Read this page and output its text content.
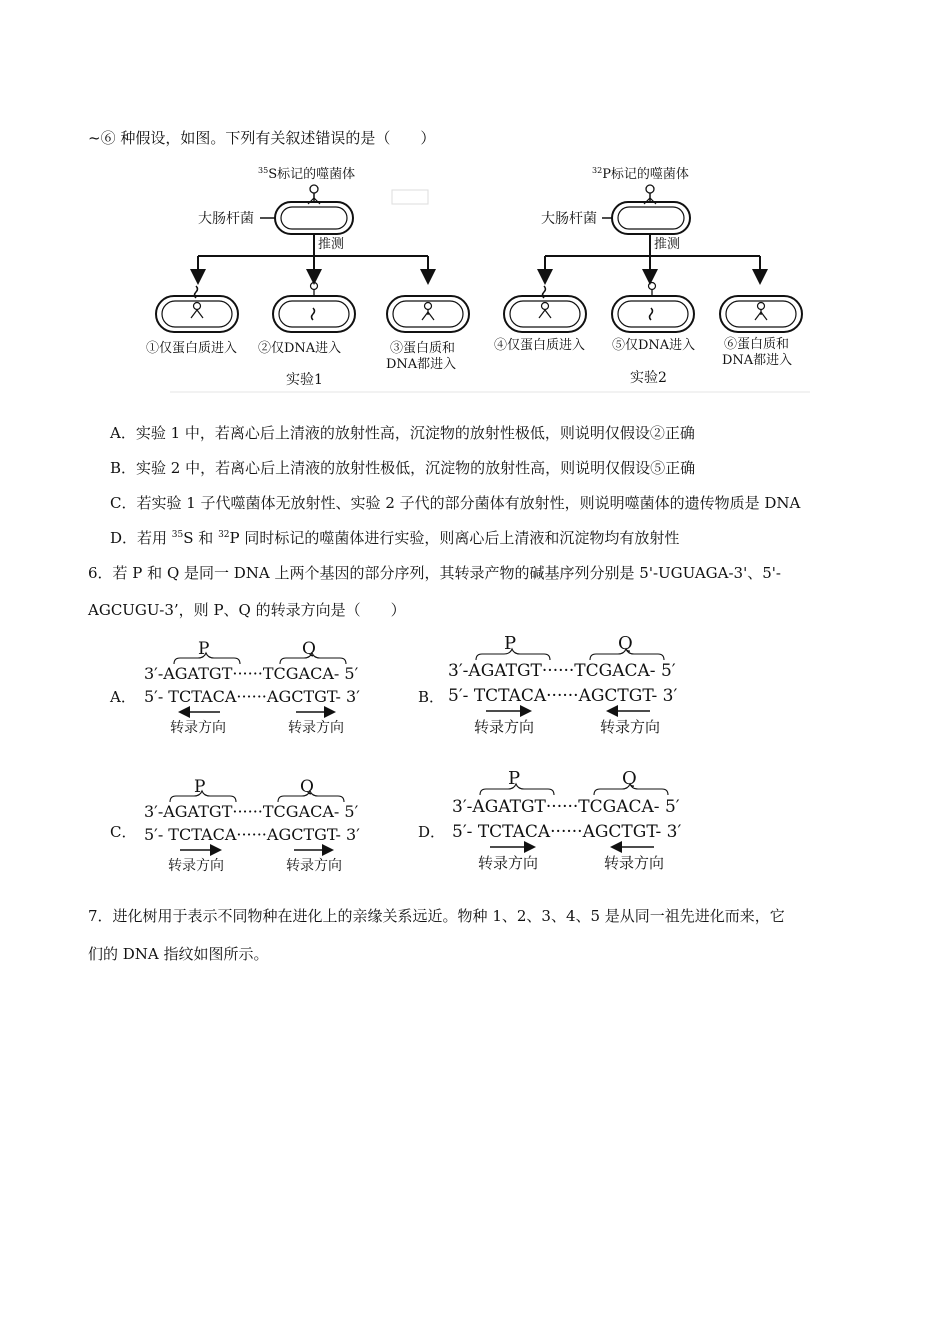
~⑥ 种假设，如图。下列有关叙述错误的是（　　）
$^{35}$S标记的噬菌体
大肠杆菌
推测
①仅蛋白质进入 ②仅DNA进入	③蛋白质和
DNA都进入
实验1
$^{32}$P标记的噬菌体
大肠杆菌
推测
④仅蛋白质进入 ⑤仅DNA进入 ⑥蛋白质和
DNA都进入
实验2
A．实验 1 中，若离心后上清液的放射性高，沉淀物的放射性极低，则说明仅假设②正确
B．实验 2 中，若离心后上清液的放射性极低，沉淀物的放射性高，则说明仅假设⑤正确
C．若实验 1 子代噬菌体无放射性、实验 2 子代的部分菌体有放射性，则说明噬菌体的遗传物质是 DNA
D．若用 $^{35}$S 和 $^{32}$P 同时标记的噬菌体进行实验，则离心后上清液和沉淀物均有放射性
6．若 P 和 Q 是同一 DNA 上两个基因的部分序列，其转录产物的碱基序列分别是 5'-UGUAGA-3'、5'-
AGCUGU-3’，则 P、Q 的转录方向是（　　）
A．
P	Q
3′-AGATGT······TCGACA- 5′
5′- TCTACA······AGCTGT- 3′
转录方向	转录方向
B．
P	Q
3′-AGATGT······TCGACA- 5′
5′- TCTACA······AGCTGT- 3′
转录方向	转录方向
C．
P	Q
3′-AGATGT······TCGACA- 5′
5′- TCTACA······AGCTGT- 3′
转录方向	转录方向
D．
P	Q
3′-AGATGT······TCGACA- 5′
5′- TCTACA······AGCTGT- 3′
转录方向	转录方向
7．进化树用于表示不同物种在进化上的亲缘关系远近。物种 1、2、3、4、5 是从同一祖先进化而来，它
们的 DNA 指纹如图所示。
